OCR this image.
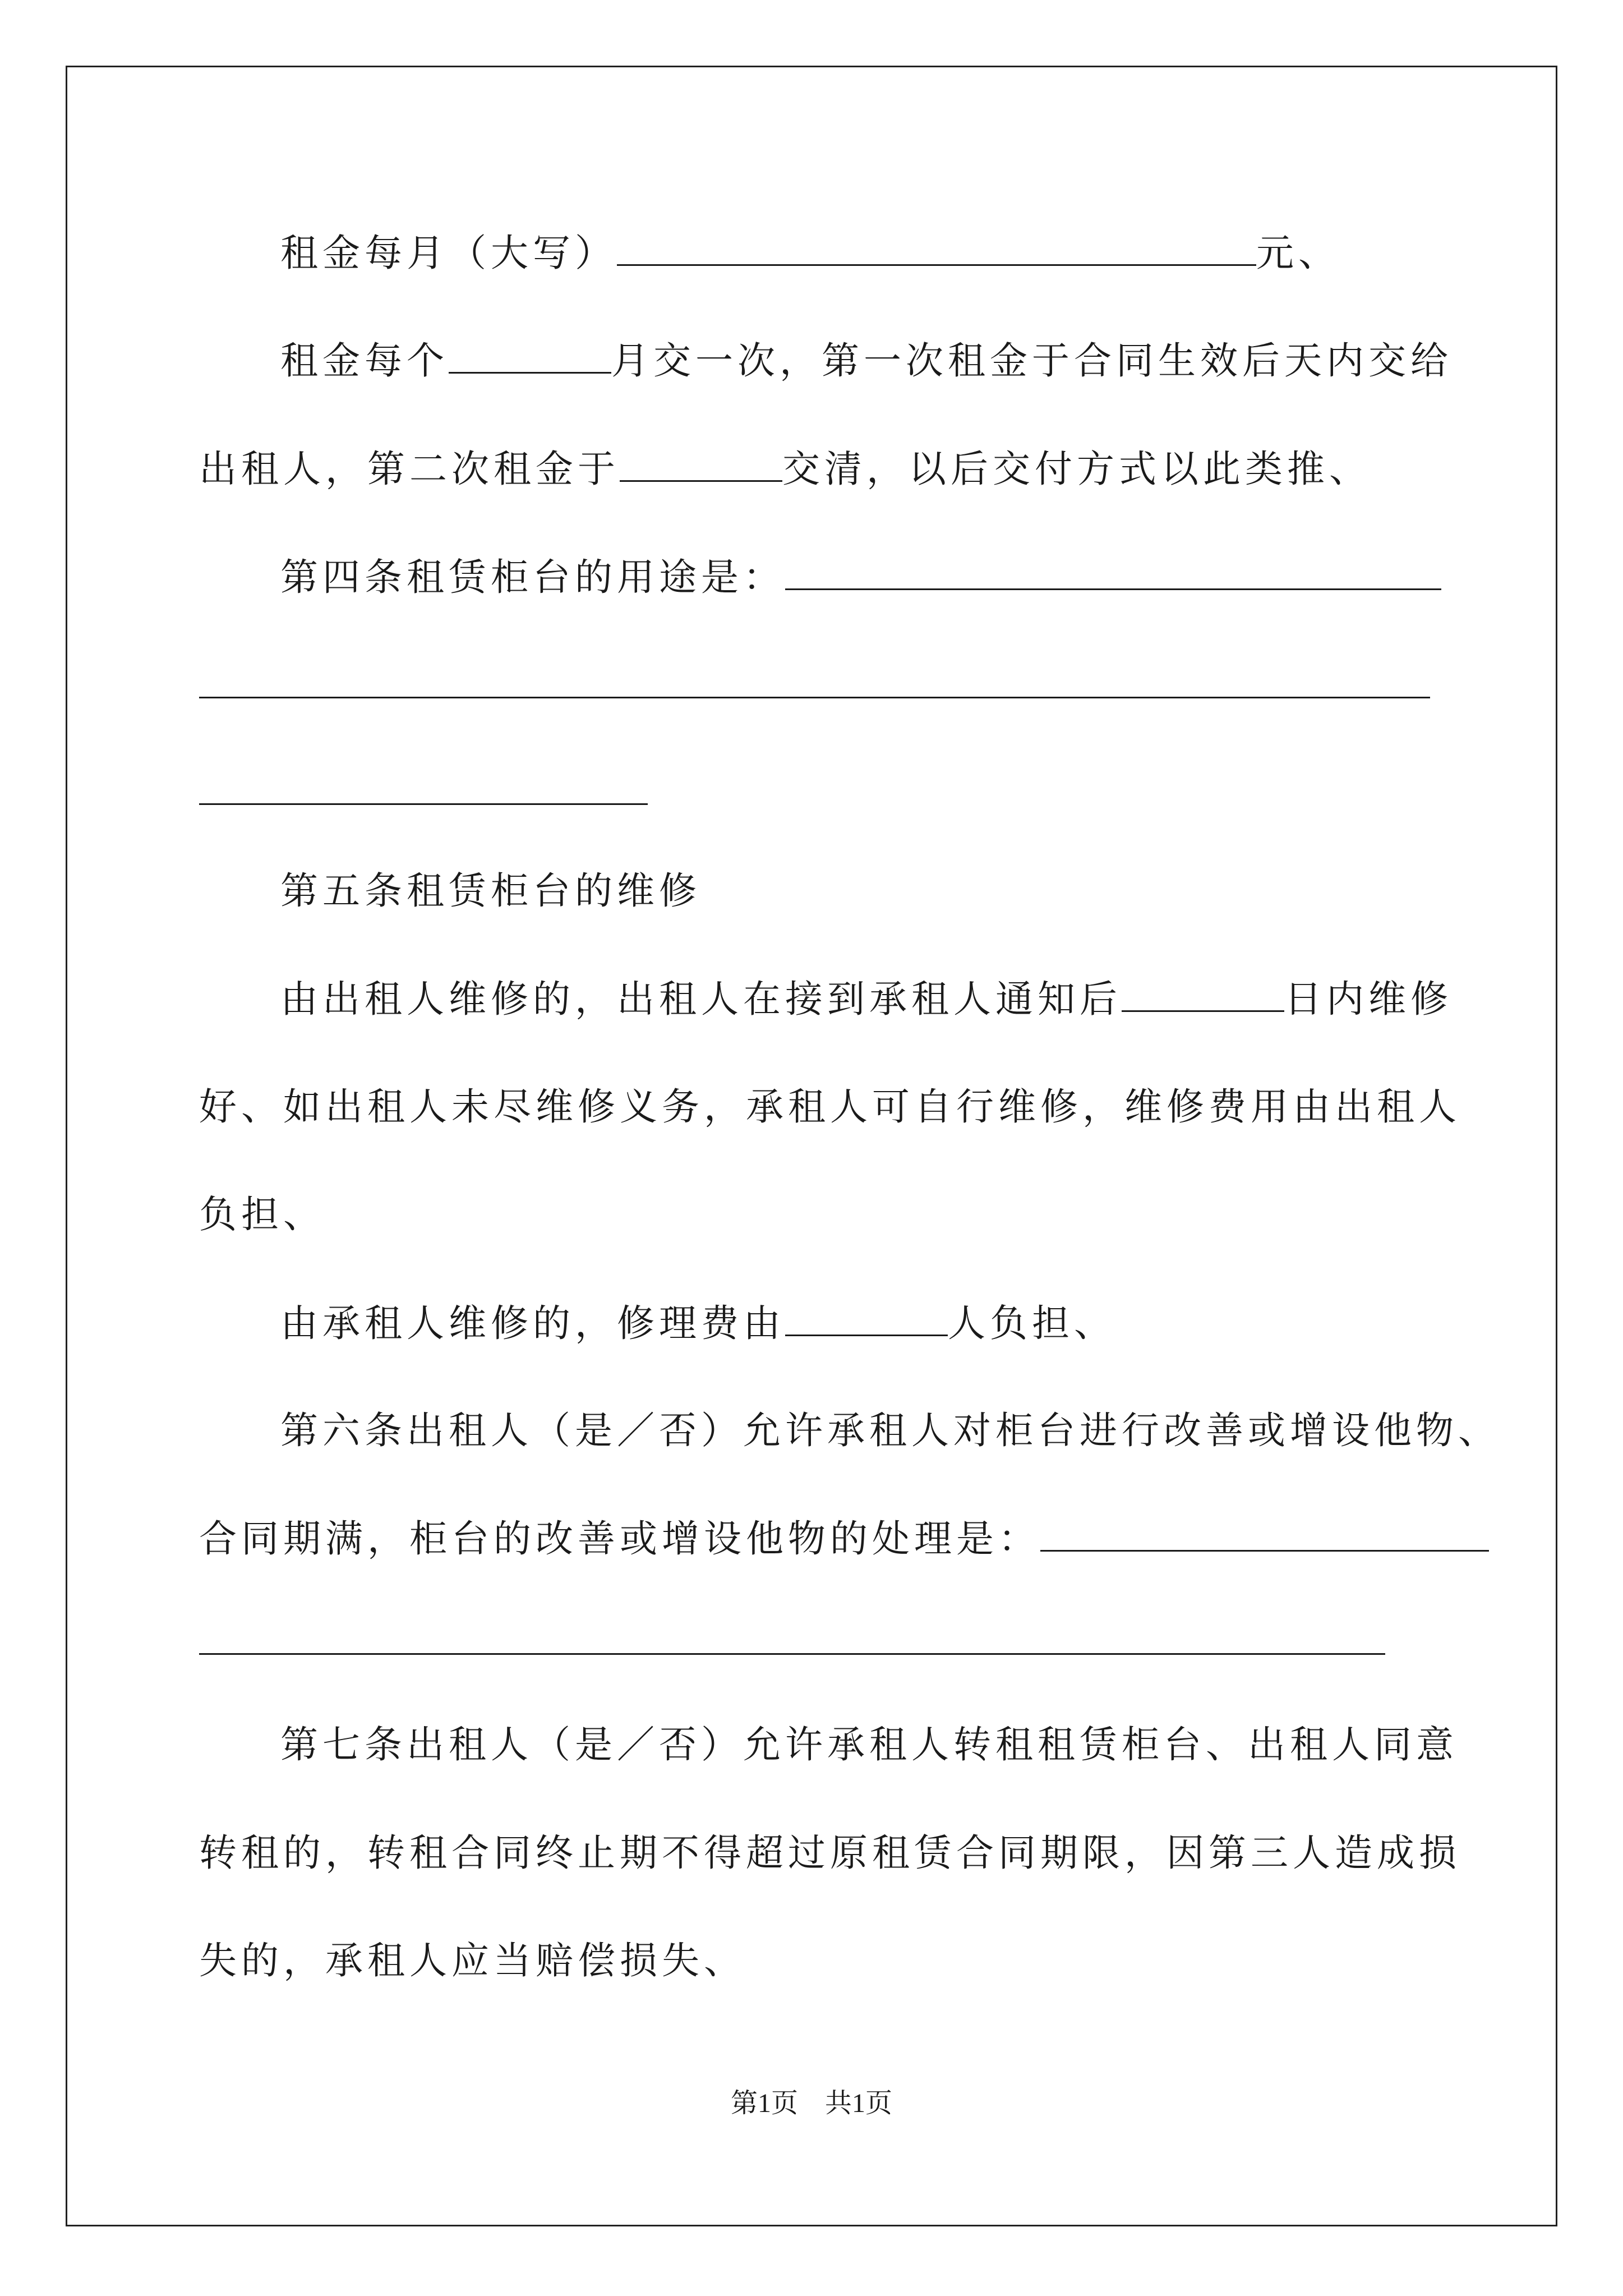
租金每月（大写）	元、
租金每个	月交一次，第一次租金于合同生效后天内交给
出租人，第二次租金于	交清，以后交付方式以此类推、
第四条租赁柜台的用途是：
第五条租赁柜台的维修
由出租人维修的，出租人在接到承租人通知后	日内维修
好、如出租人未尽维修义务，承租人可自行维修，维修费用由出租人
负担、
由承租人维修的，修理费由	人负担、
第六条出租人（是／否）允许承租人对柜台进行改善或增设他物、
合同期满，柜台的改善或增设他物的处理是：
第七条出租人（是／否）允许承租人转租租赁柜台、出租人同意
转租的，转租合同终止期不得超过原租赁合同期限，因第三人造成损
失的，承租人应当赔偿损失、
第1页　共1页
